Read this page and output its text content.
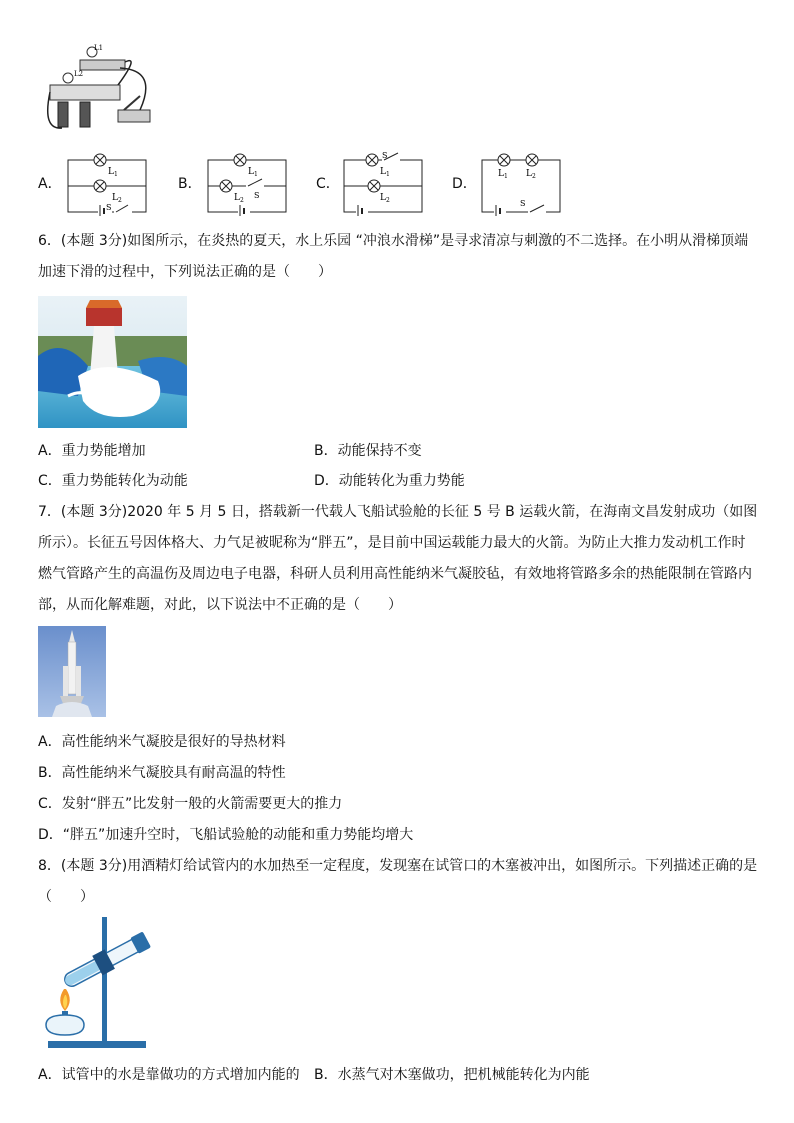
L1
L2
A．
$L_1$
$L_2$
S
B．
$L_1$
$L_2$
S
C．
$L_1$
$L_2$
S
D．
$L_1$ $L_2$
S
6．(本题 3分)如图所示，在炎热的夏天，水上乐园 “冲浪水滑梯”是寻求清凉与刺激的不二选择。在小明从滑梯顶端加速下滑的过程中，下列说法正确的是（　　）
A．重力势能增加	B．动能保持不变
C．重力势能转化为动能	D．动能转化为重力势能
7．(本题 3分)2020 年 5 月 5 日，搭载新一代载人飞船试验舱的长征 5 号 B 运载火箭，在海南文昌发射成功（如图所示）。长征五号因体格大、力气足被昵称为“胖五”，是目前中国运载能力最大的火箭。为防止大推力发动机工作时燃气管路产生的高温伤及周边电子电器，科研人员利用高性能纳米气凝胶毡，有效地将管路多余的热能限制在管路内部，从而化解难题，对此，以下说法中不正确的是（　　）
A．高性能纳米气凝胶是很好的导热材料
B．高性能纳米气凝胶具有耐高温的特性
C．发射“胖五”比发射一般的火箭需要更大的推力
D．“胖五”加速升空时，飞船试验舱的动能和重力势能均增大
8．(本题 3分)用酒精灯给试管内的水加热至一定程度，发现塞在试管口的木塞被冲出，如图所示。下列描述正确的是（　　）
A．试管中的水是靠做功的方式增加内能的 B．水蒸气对木塞做功，把机械能转化为内能
